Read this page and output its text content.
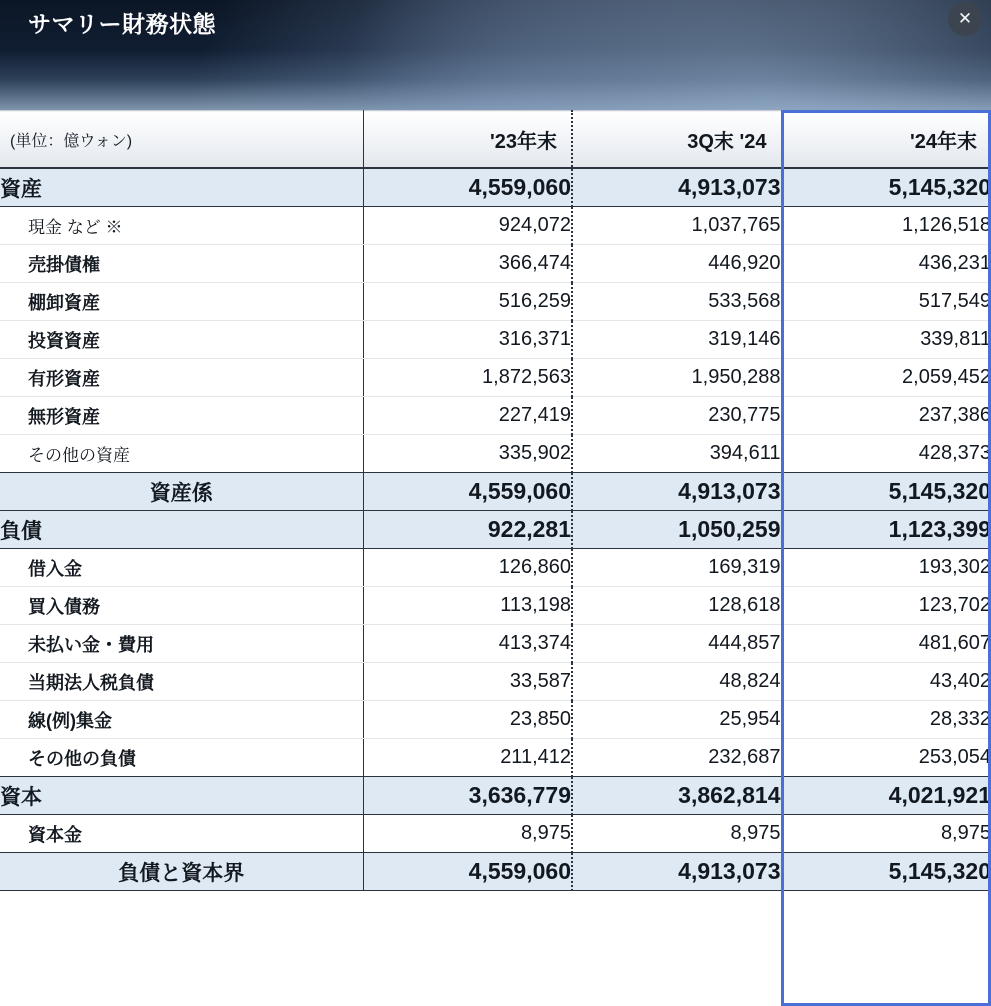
サマリー財務状態	✕
(単位：億ウォン)	'23年末	3Q末 '24	'24年末
資産	4,559,060	4,913,073	5,145,320
現金 など ※	924,072	1,037,765	1,126,518
売掛債権	366,474	446,920	436,231
棚卸資産	516,259	533,568	517,549
投資資産	316,371	319,146	339,811
有形資産	1,872,563	1,950,288	2,059,452
無形資産	227,419	230,775	237,386
その他の資産	335,902	394,611	428,373
資産係	4,559,060	4,913,073	5,145,320
負債	922,281	1,050,259	1,123,399
借入金	126,860	169,319	193,302
買入債務	113,198	128,618	123,702
未払い金・費用	413,374	444,857	481,607
当期法人税負債	33,587	48,824	43,402
線(例)集金	23,850	25,954	28,332
その他の負債	211,412	232,687	253,054
資本	3,636,779	3,862,814	4,021,921
資本金	8,975	8,975	8,975
負債と資本界	4,559,060	4,913,073	5,145,320
